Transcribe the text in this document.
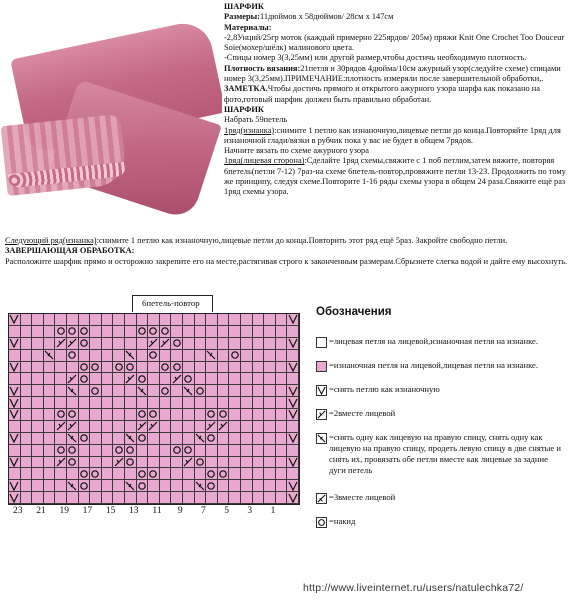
ШАРФИК

Размеры:11дюймов х 58дюймов/ 28см х 147см

Материалы:

-2,8Унций/25гр моток (каждый примерно 225ярдов/ 205м) пряжи Knit One Crochet Too Douceur Soie(мохер/шёлк) малинового цвета.

-Спицы номер 3(3,25мм) или другой размер,чтобы достичь необходимую плотность.

Плотность вязания:21петля и 30рядов 4дюйма/10см ажурный узор(следуйте схеме) спицами номер 3(3,25мм).ПРИМЕЧАНИЕ:плотность измеряли после завершительной обработки,.

ЗАМЕТКА.Чтобы достичь прямого и открытого ажурного узора шарфа как показано на фото,готовый шарфик должен быть правильно обработан.

ШАРФИК

Набрать 59петель

1ряд(изнанка):снимите 1 петлю как изнаночную,лицевые петли до конца.Повторяйте 1ряд для изнаночной глади/вязки в рубчик пока у вас не будет в общем 7рядов.

Начните вязать по схеме ажурного узора

1ряд(лицевая сторона):Сделайте 1ряд схемы,свяжите с 1 поб петлим,затем вяжите, повторяя 6петель(петли 7-12) 7раз-на схеме 6петель-повтор,провяжите петли 13-23. Продолжить по тому же принципу, следуя схеме.Повторите 1-16 ряды схемы узора в общем 24 раза.Свяжите ещё раз 1ряд схемы узора.

Следующий ряд(изнанка):снимите 1 петлю как изнаночную,лицевые петли до конца.Повторить этот ряд ещё 5раз. Закройте свободно петли.

ЗАВЕРШАЮЩАЯ ОБРАБОТКА:

Расположите шарфик прямо и осторожно закрепите его на месте,растягивая строго к законченным размерам.Сбрызнете слегка водой и дайте ему высохнуть.

6петель-повтор
23 21 19 17 15 13 11 9 7 5 3 1

Обозначения

=лицевая петля на лицевой,изнаночная петля на изнанке.
=изнаночная петля на лицевой,лицевая петля на изнанке.
=снять петлю как изнаночную
=2вместе лицевой
=снять одну как лицевую на правую спицу, снять одну как лицевую на правую спицу, продеть левую спицу в две снятые и снять их, провязать обе петли вместе как лицевые за задние дуги петель
=3вместе лицевой
=накид
http://www.liveinternet.ru/users/natulechka72/
